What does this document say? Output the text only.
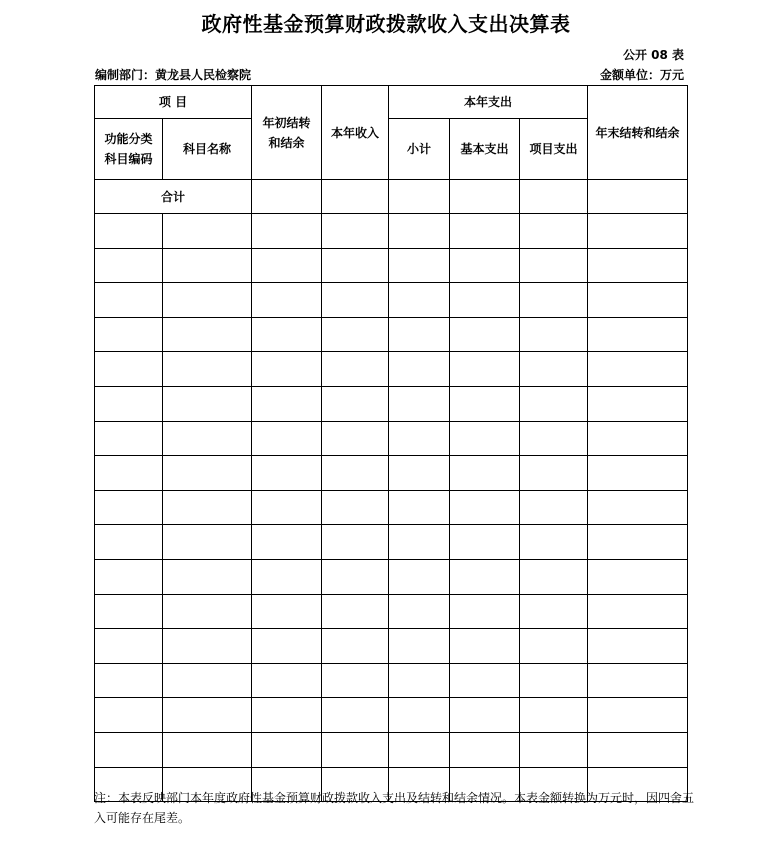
政府性基金预算财政拨款收入支出决算表
公开 08 表
编制部门：黄龙县人民检察院	金额单位：万元
项 目		年初结转和结余	本年收入	本年支出			年末结转和结余
功能分类科目编码	科目名称			小计	基本支出	项目支出	
合计							

注：本表反映部门本年度政府性基金预算财政拨款收入支出及结转和结余情况。本表金额转换为万元时，因四舍五入可能存在尾差。
